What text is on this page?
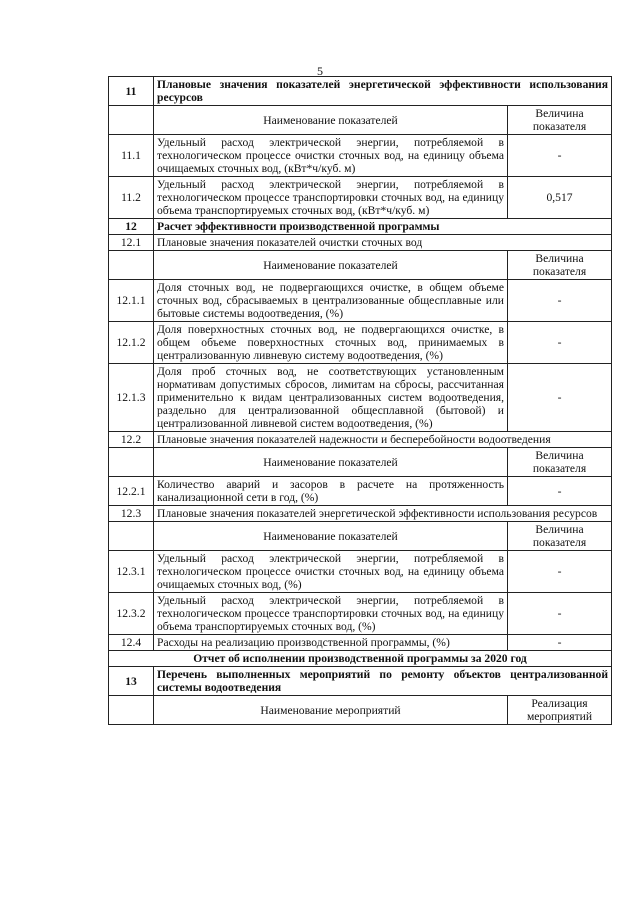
5
11	Плановые значения показателей энергетической эффективности использования ресурсов	
	Наименование показателей	Величина показателя
11.1	Удельный расход электрической энергии, потребляемой в технологическом процессе очистки сточных вод, на единицу объема очищаемых сточных вод, (кВт*ч/куб. м)	-
11.2	Удельный расход электрической энергии, потребляемой в технологическом процессе транспортировки сточных вод, на единицу объема транспортируемых сточных вод, (кВт*ч/куб. м)	0,517
12	Расчет эффективности производственной программы	
12.1	Плановые значения показателей очистки сточных вод	
	Наименование показателей	Величина показателя
12.1.1	Доля сточных вод, не подвергающихся очистке, в общем объеме сточных вод, сбрасываемых в централизованные общесплавные или бытовые системы водоотведения, (%)	-
12.1.2	Доля поверхностных сточных вод, не подвергающихся очистке, в общем объеме поверхностных сточных вод, принимаемых в централизованную ливневую систему водоотведения, (%)	-
12.1.3	Доля проб сточных вод, не соответствующих установленным нормативам допустимых сбросов, лимитам на сбросы, рассчитанная применительно к видам централизованных систем водоотведения, раздельно для централизованной общесплавной (бытовой) и централизованной ливневой систем водоотведения, (%)	-
12.2	Плановые значения показателей надежности и бесперебойности водоотведения	
	Наименование показателей	Величина показателя
12.2.1	Количество аварий и засоров в расчете на протяженность канализационной сети в год, (%)	-
12.3	Плановые значения показателей энергетической эффективности использования ресурсов	
	Наименование показателей	Величина показателя
12.3.1	Удельный расход электрической энергии, потребляемой в технологическом процессе очистки сточных вод, на единицу объема очищаемых сточных вод, (%)	-
12.3.2	Удельный расход электрической энергии, потребляемой в технологическом процессе транспортировки сточных вод, на единицу объема транспортируемых сточных вод, (%)	-
12.4	Расходы на реализацию производственной программы, (%)	-
Отчет об исполнении производственной программы за 2020 год		
13	Перечень выполненных мероприятий по ремонту объектов централизованной системы водоотведения	
	Наименование мероприятий	Реализация мероприятий
